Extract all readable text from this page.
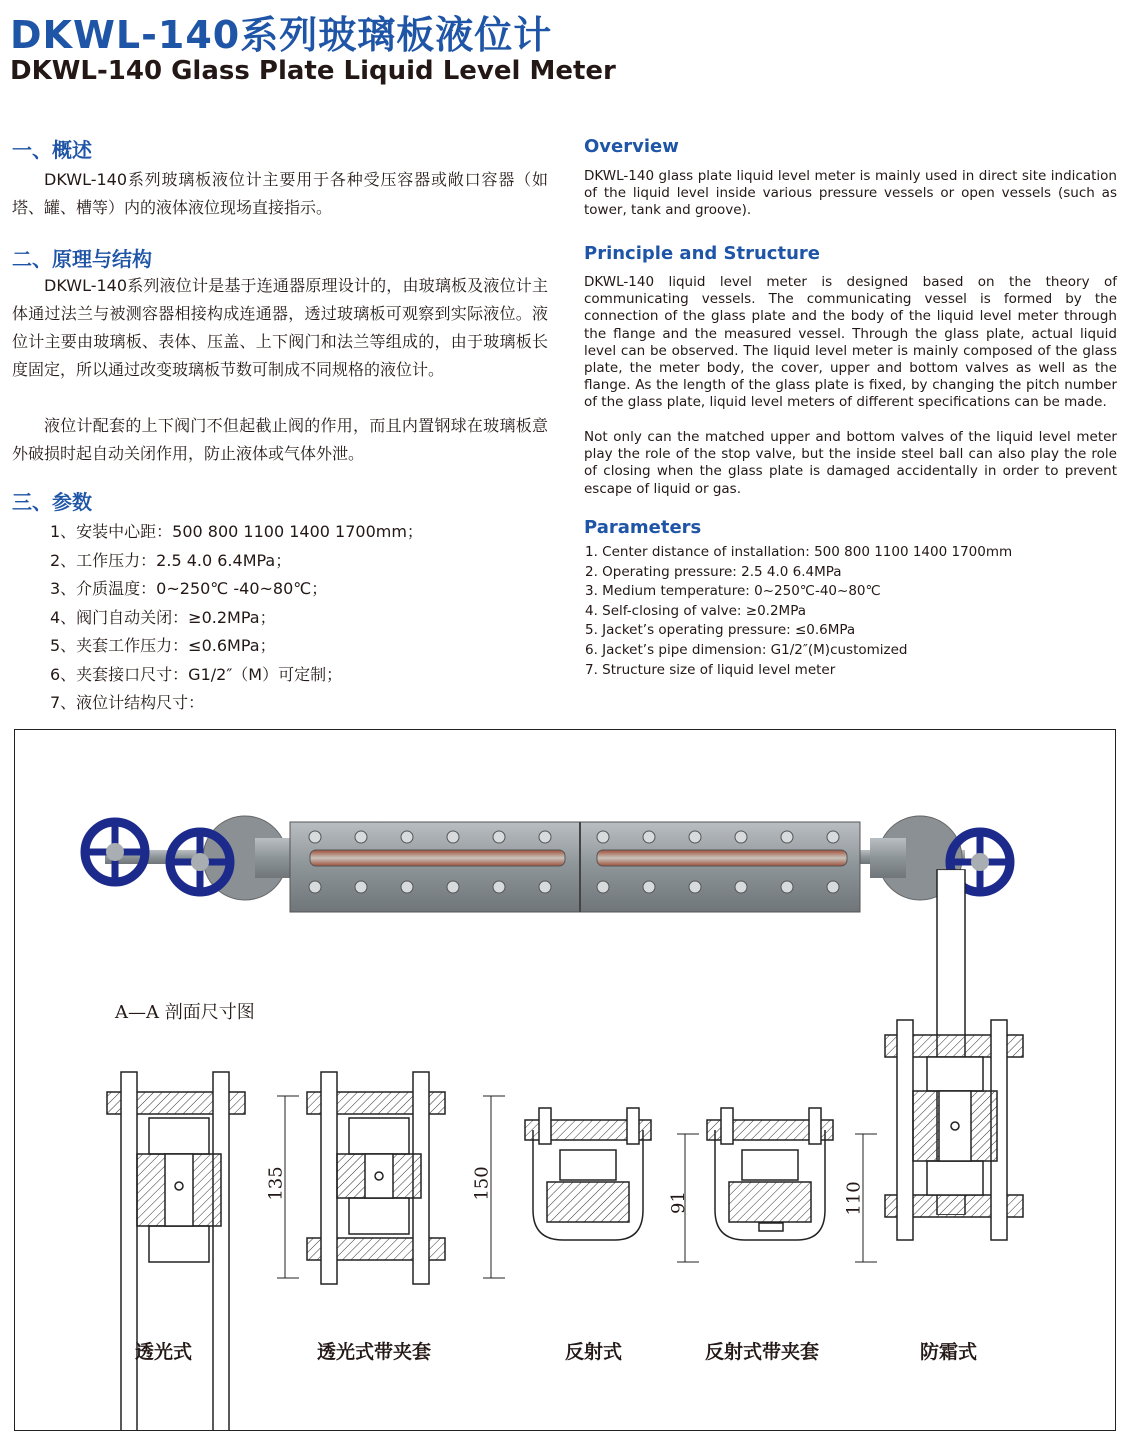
DKWL-140系列玻璃板液位计
DKWL-140 Glass Plate Liquid Level Meter
一、概述

DKWL-140系列玻璃板液位计主要用于各种受压容器或敞口容器（如塔、罐、槽等）内的液体液位现场直接指示。

Overview

DKWL-140 glass plate liquid level meter is mainly used in direct site indication of the liquid level inside various pressure vessels or open vessels (such as tower, tank and groove).

二、原理与结构

DKWL-140系列液位计是基于连通器原理设计的，由玻璃板及液位计主体通过法兰与被测容器相接构成连通器，透过玻璃板可观察到实际液位。液位计主要由玻璃板、表体、压盖、上下阀门和法兰等组成的，由于玻璃板长度固定，所以通过改变玻璃板节数可制成不同规格的液位计。

液位计配套的上下阀门不但起截止阀的作用，而且内置钢球在玻璃板意外破损时起自动关闭作用，防止液体或气体外泄。

Principle and Structure

DKWL-140 liquid level meter is designed based on the theory of communicating vessels. The communicating vessel is formed by the connection of the glass plate and the body of the liquid level meter through the flange and the measured vessel. Through the glass plate, actual liquid level can be observed. The liquid level meter is mainly composed of the glass plate, the meter body, the cover, upper and bottom valves as well as the flange. As the length of the glass plate is fixed, by changing the pitch number of the glass plate, liquid level meters of different specifications can be made.

Not only can the matched upper and bottom valves of the liquid level meter play the role of the stop valve, but the inside steel ball can also play the role of closing when the glass plate is damaged accidentally in order to prevent escape of liquid or gas.

三、参数
1、安装中心距：500 800 1100 1400 1700mm；
2、工作压力：2.5 4.0 6.4MPa；
3、介质温度：0~250℃ -40~80℃；
4、阀门自动关闭：≥0.2MPa；
5、夹套工作压力：≤0.6MPa；
6、夹套接口尺寸：G1/2″（M）可定制；
7、液位计结构尺寸：
Parameters
1. Center distance of installation: 500 800 1100 1400 1700mm
2. Operating pressure: 2.5 4.0 6.4MPa
3. Medium temperature: 0~250℃-40~80℃
4. Self-closing of valve: ≥0.2MPa
5. Jacket’s operating pressure: ≤0.6MPa
6. Jacket’s pipe dimension: G1/2″(M)customized
7. Structure size of liquid level meter
A—A 剖面尺寸图
135	150
91	110
透光式	透光式带夹套	反射式	反射式带夹套	防霜式
